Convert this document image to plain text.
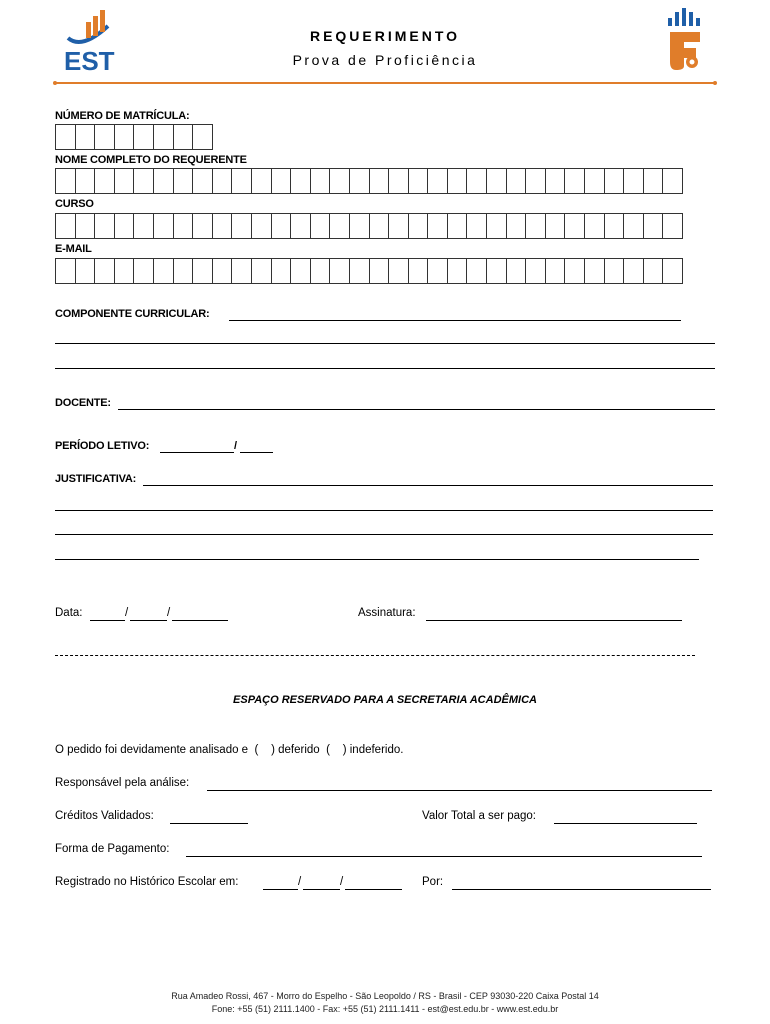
EST
REQUERIMENTO
Prova de Proficiência
NÚMERO DE MATRÍCULA:
NOME COMPLETO DO REQUERENTE
CURSO
E-MAIL
COMPONENTE CURRICULAR:
DOCENTE:
PERÍODO LETIVO:	/
JUSTIFICATIVA:
Data:	/	/	Assinatura:
ESPAÇO RESERVADO PARA A SECRETARIA ACADÊMICA
O pedido foi devidamente analisado e  (    ) deferido  (    ) indeferido.
Responsável pela análise:
Créditos Validados:	Valor Total a ser pago:
Forma de Pagamento:
Registrado no Histórico Escolar em:	/	/	Por:
Rua Amadeo Rossi, 467 - Morro do Espelho - São Leopoldo / RS - Brasil - CEP 93030-220 Caixa Postal 14
Fone: +55 (51) 2111.1400 - Fax: +55 (51) 2111.1411 - est@est.edu.br - www.est.edu.br
